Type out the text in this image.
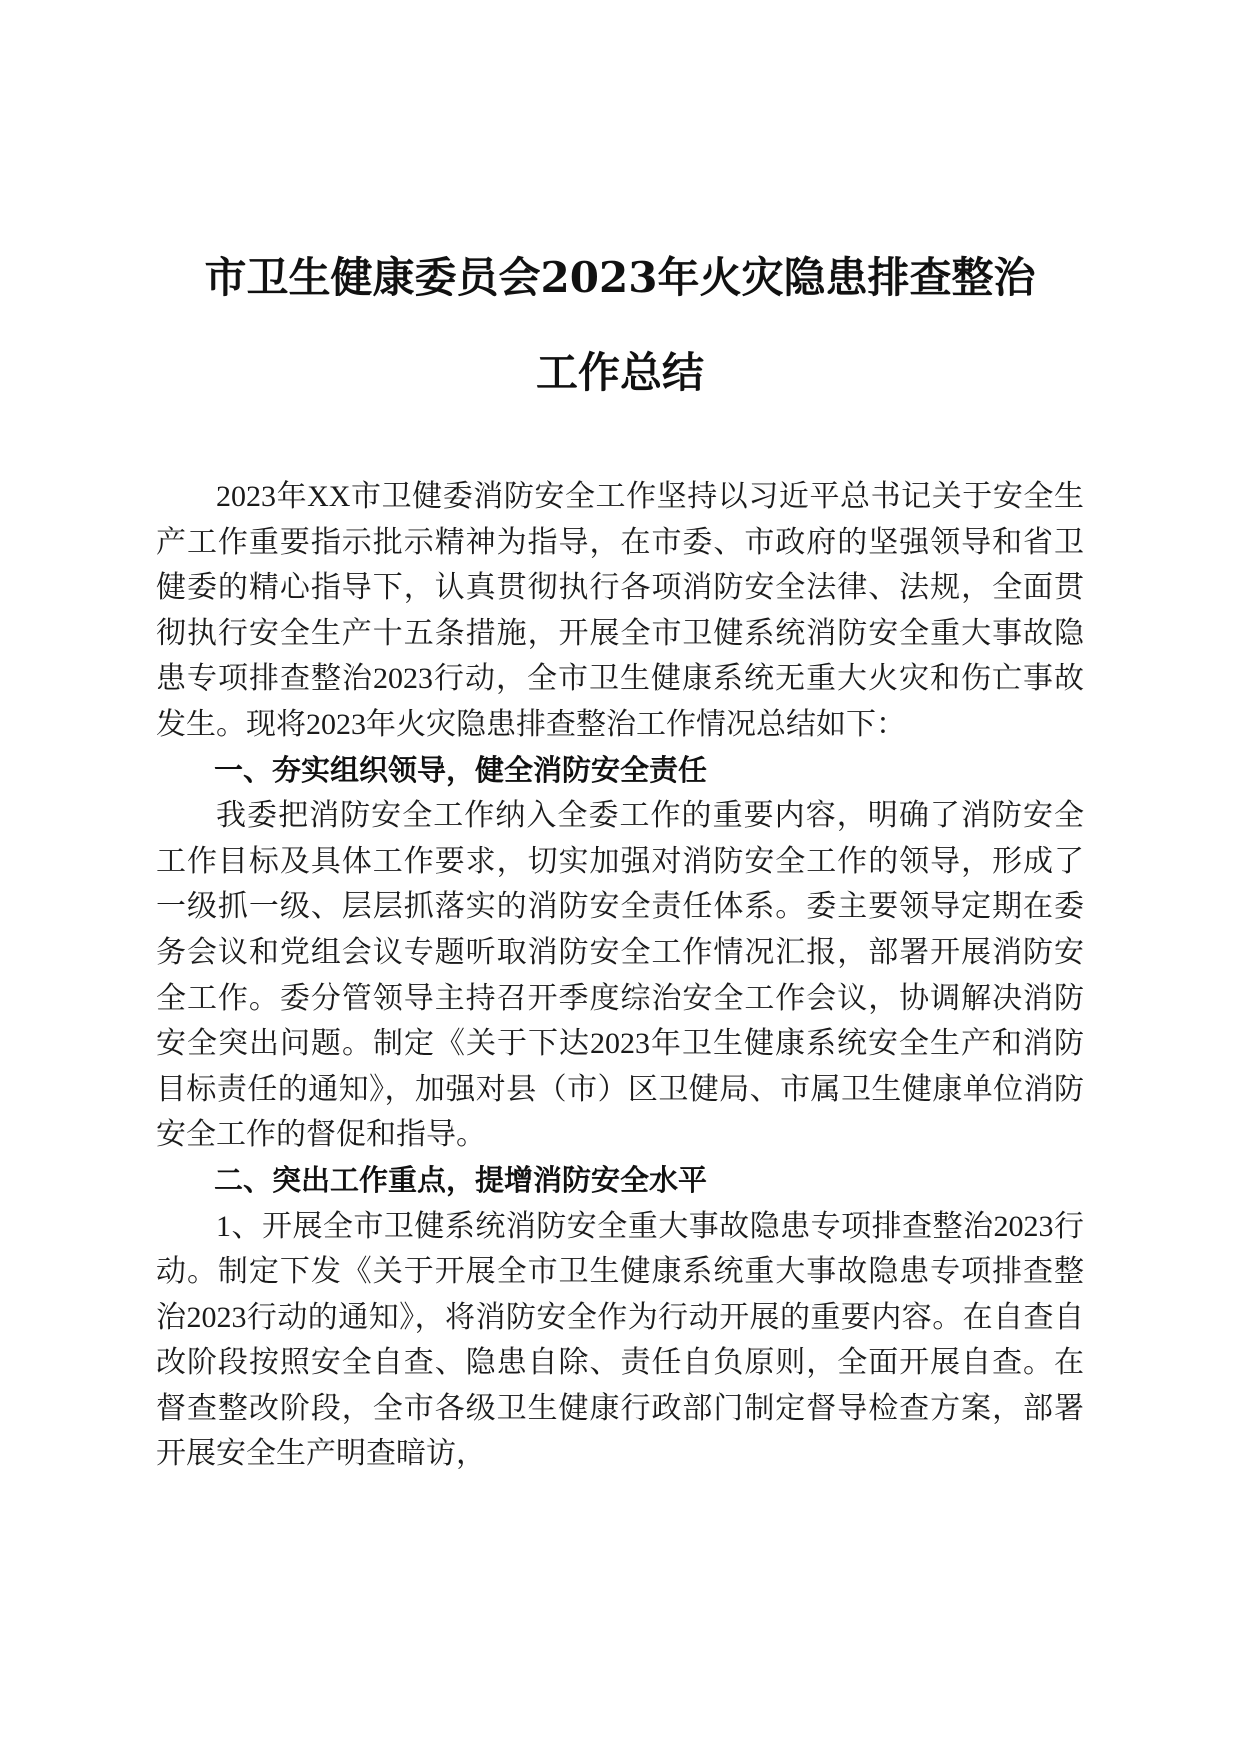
市卫生健康委员会2023年火灾隐患排查整治

工作总结

2023年XX市卫健委消防安全工作坚持以习近平总书记关于安全生产工作重要指示批示精神为指导，在市委、市政府的坚强领导和省卫健委的精心指导下，认真贯彻执行各项消防安全法律、法规，全面贯彻执行安全生产十五条措施，开展全市卫健系统消防安全重大事故隐患专项排查整治2023行动，全市卫生健康系统无重大火灾和伤亡事故发生。现将2023年火灾隐患排查整治工作情况总结如下：

一、夯实组织领导，健全消防安全责任

我委把消防安全工作纳入全委工作的重要内容，明确了消防安全工作目标及具体工作要求，切实加强对消防安全工作的领导，形成了一级抓一级、层层抓落实的消防安全责任体系。委主要领导定期在委务会议和党组会议专题听取消防安全工作情况汇报，部署开展消防安全工作。委分管领导主持召开季度综治安全工作会议，协调解决消防安全突出问题。制定《关于下达2023年卫生健康系统安全生产和消防目标责任的通知》，加强对县（市）区卫健局、市属卫生健康单位消防安全工作的督促和指导。

二、突出工作重点，提增消防安全水平

1、开展全市卫健系统消防安全重大事故隐患专项排查整治2023行动。制定下发《关于开展全市卫生健康系统重大事故隐患专项排查整治2023行动的通知》，将消防安全作为行动开展的重要内容。在自查自改阶段按照安全自查、隐患自除、责任自负原则，全面开展自查。在督查整改阶段，全市各级卫生健康行政部门制定督导检查方案，部署开展安全生产明查暗访，
